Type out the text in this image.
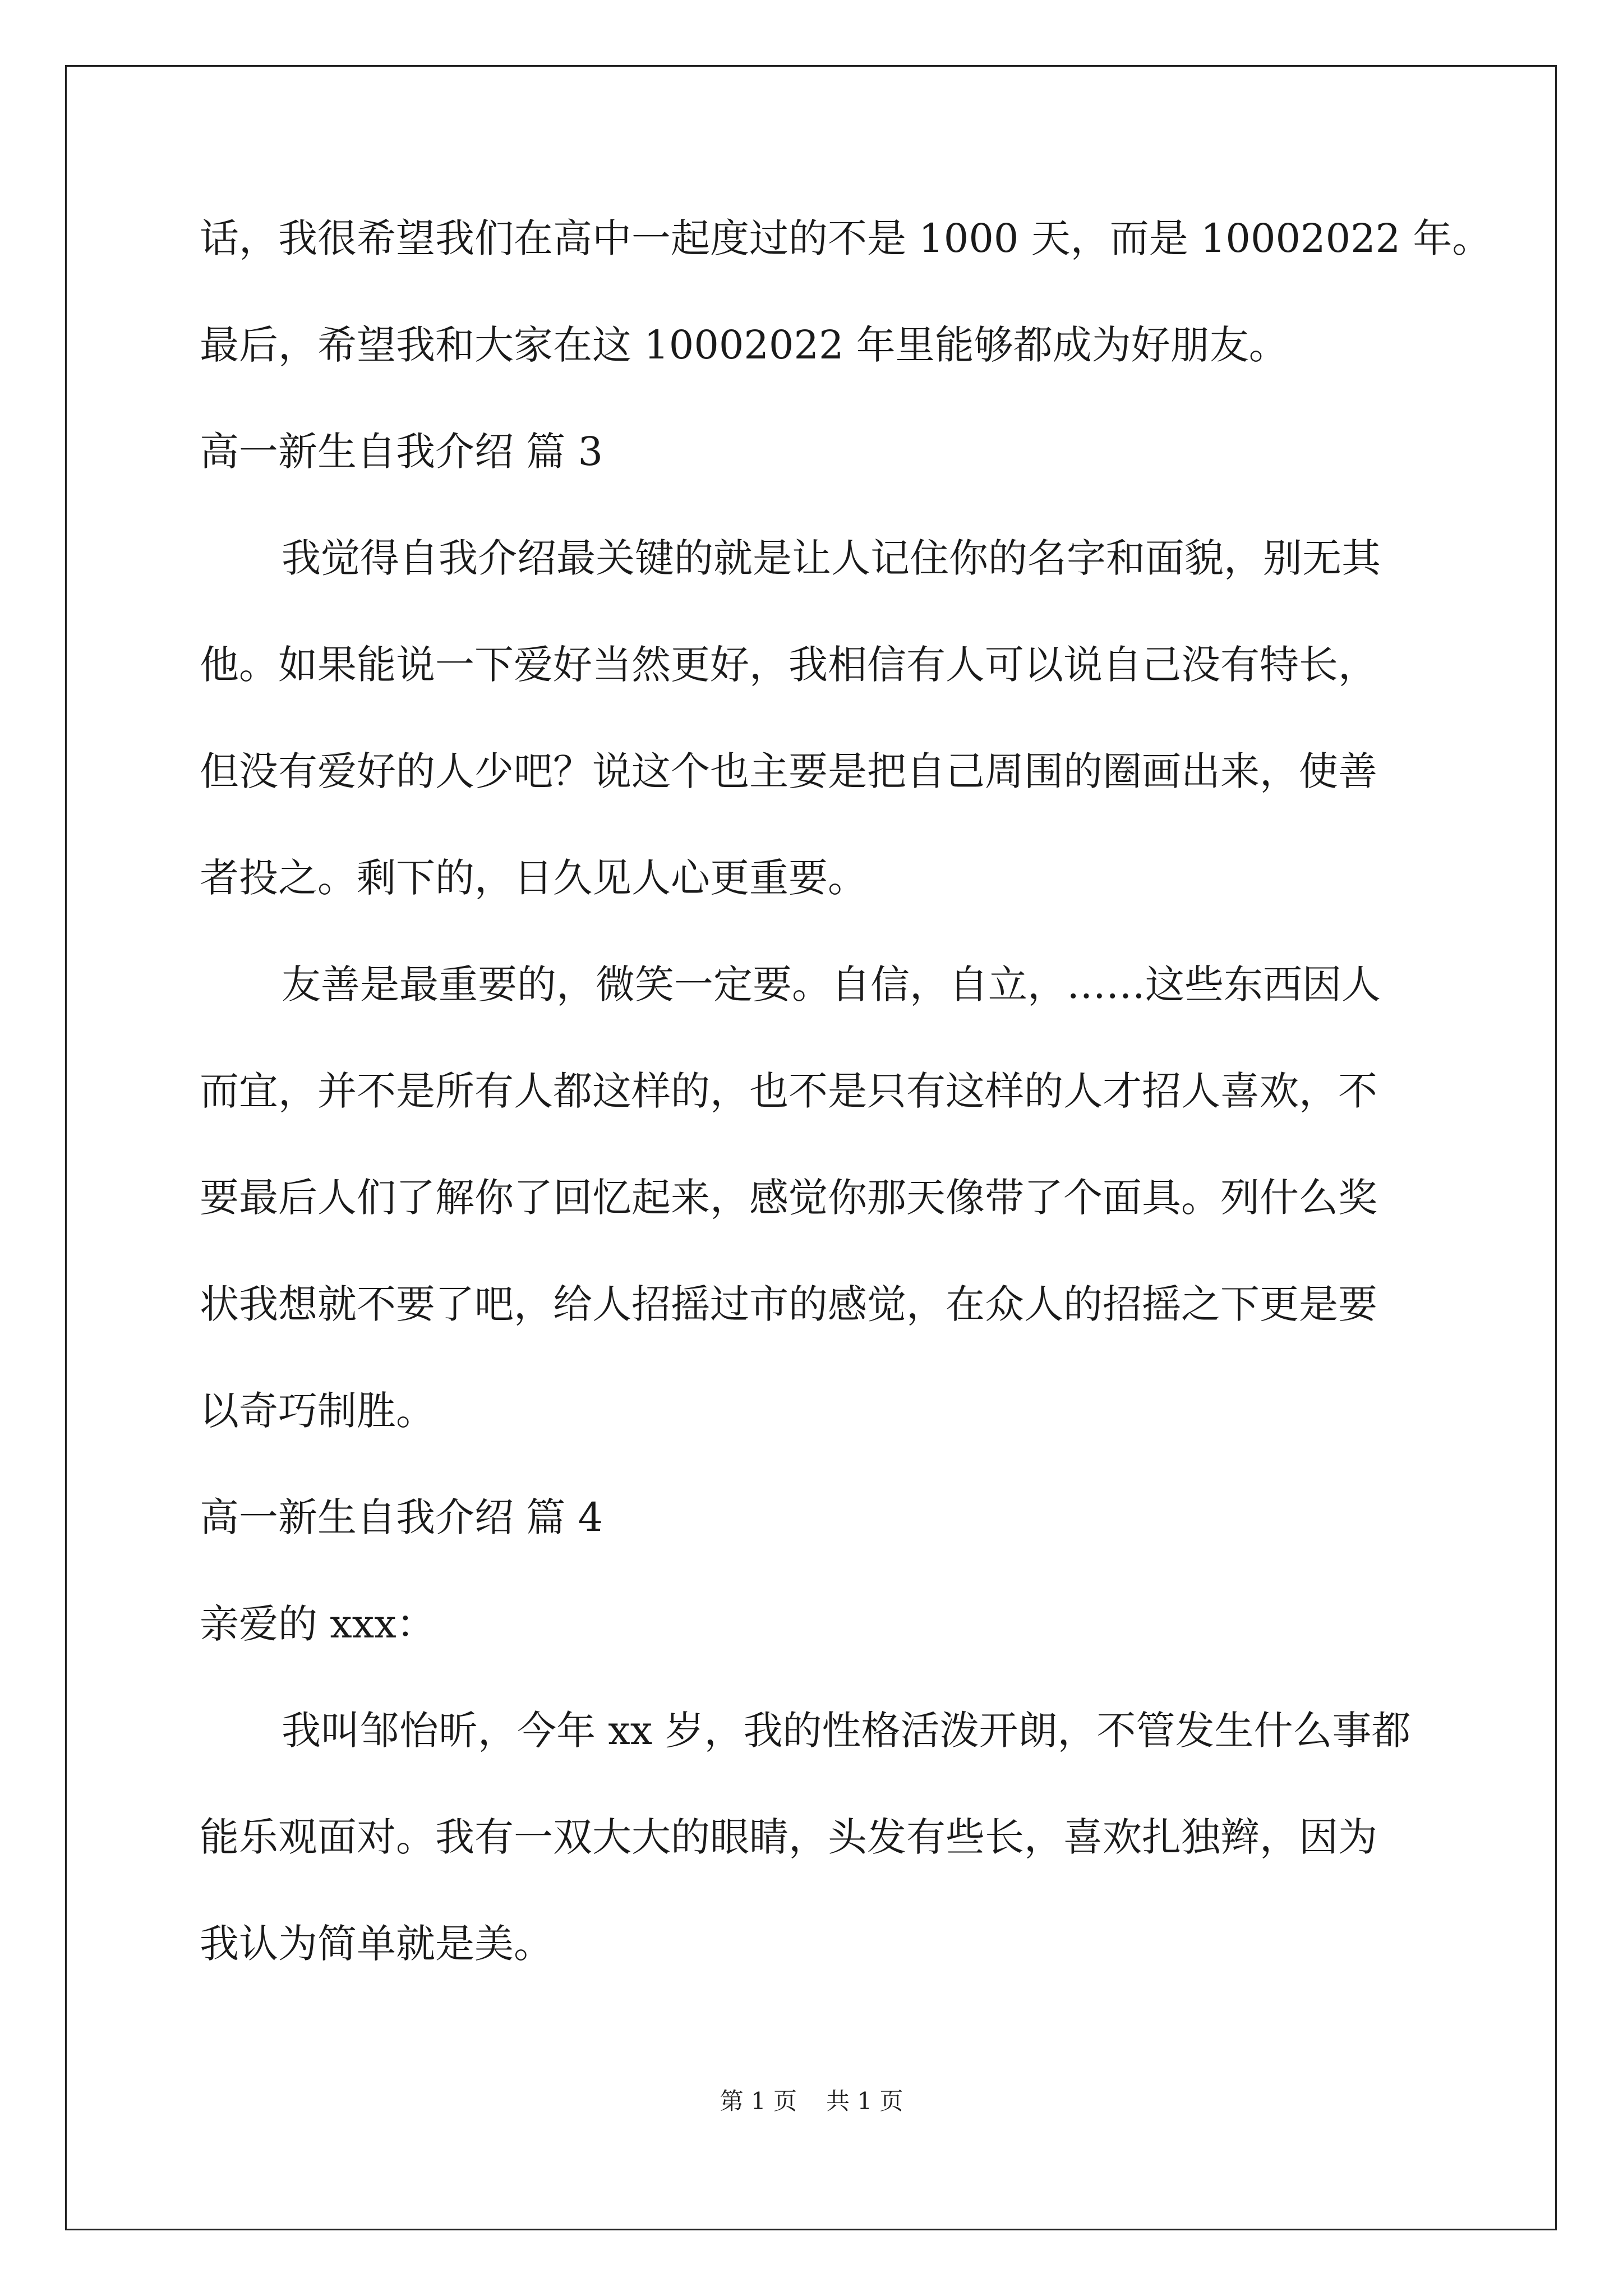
话，我很希望我们在高中一起度过的不是 1000 天，而是 10002022 年。
最后，希望我和大家在这 10002022 年里能够都成为好朋友。
高一新生自我介绍 篇 3
我觉得自我介绍最关键的就是让人记住你的名字和面貌，别无其
他。如果能说一下爱好当然更好，我相信有人可以说自己没有特长，
但没有爱好的人少吧？说这个也主要是把自己周围的圈画出来，使善
者投之。剩下的，日久见人心更重要。
友善是最重要的，微笑一定要。自信，自立，……这些东西因人
而宜，并不是所有人都这样的，也不是只有这样的人才招人喜欢，不
要最后人们了解你了回忆起来，感觉你那天像带了个面具。列什么奖
状我想就不要了吧，给人招摇过市的感觉，在众人的招摇之下更是要
以奇巧制胜。
高一新生自我介绍 篇 4
亲爱的 xxx：
我叫邹怡昕，今年 xx 岁，我的性格活泼开朗，不管发生什么事都
能乐观面对。我有一双大大的眼睛，头发有些长，喜欢扎独辫，因为
我认为简单就是美。
第 1 页 共 1 页
